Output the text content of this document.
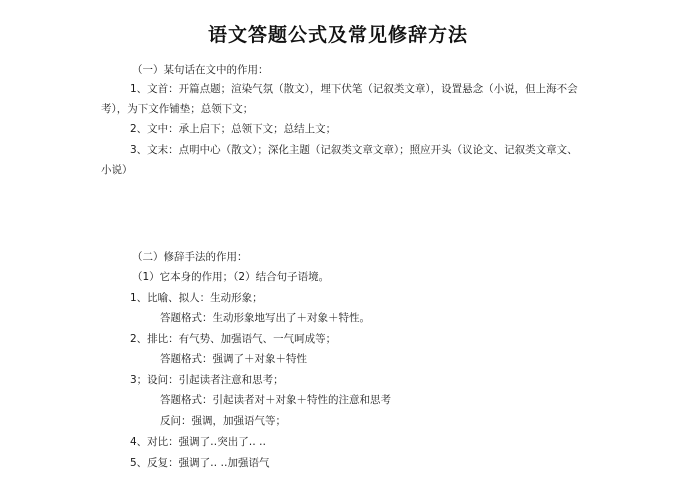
语文答题公式及常见修辞方法
（一）某句话在文中的作用：
1、文首：开篇点题；渲染气氛（散文），埋下伏笔（记叙类文章），设置悬念（小说，但上海不会
考），为下文作铺垫；总领下文；
2、文中：承上启下；总领下文；总结上文；
3、文末：点明中心（散文）；深化主题（记叙类文章文章）；照应开头（议论文、记叙类文章文、
小说）
（二）修辞手法的作用：
（1）它本身的作用；（2）结合句子语境。
1、比喻、拟人：生动形象；
答题格式：生动形象地写出了＋对象＋特性。
2、排比：有气势、加强语气、一气呵成等；
答题格式：强调了＋对象＋特性
3；设问：引起读者注意和思考；
答题格式：引起读者对＋对象＋特性的注意和思考
反问：强调，加强语气等；
4、对比：强调了‥突出了‥ ‥
5、反复：强调了‥ ‥加强语气
